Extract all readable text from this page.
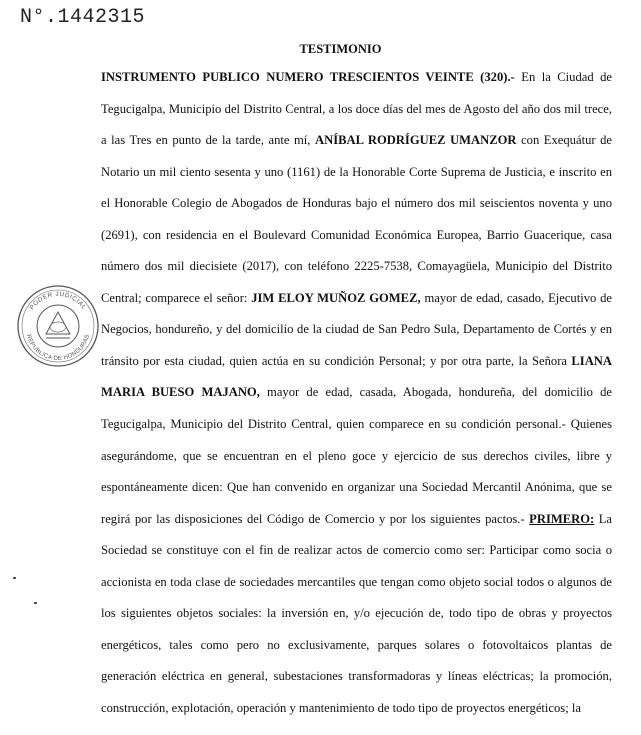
N°.1442315
TESTIMONIO
PODER JUDICIAL
REPUBLICA DE HONDURAS

INSTRUMENTO PUBLICO NUMERO TRESCIENTOS VEINTE (320).- En la Ciudad de Tegucigalpa, Municipio del Distrito Central, a los doce días del mes de Agosto del año dos mil trece, a las Tres en punto de la tarde, ante mí, ANÍBAL RODRÍGUEZ UMANZOR con Exequátur de Notario un mil ciento sesenta y uno (1161) de la Honorable Corte Suprema de Justicia, e inscrito en el Honorable Colegio de Abogados de Honduras bajo el número dos mil seiscientos noventa y uno (2691), con residencia en el Boulevard Comunidad Económica Europea, Barrio Guacerique, casa número dos mil diecisiete (2017), con teléfono 2225-7538, Comayagüela, Municipio del Distrito Central; comparece el señor: JIM ELOY MUÑOZ GOMEZ, mayor de edad, casado, Ejecutivo de Negocios, hondureño, y del domicilio de la ciudad de San Pedro Sula, Departamento de Cortés y en tránsito por esta ciudad, quien actúa en su condición Personal; y por otra parte, la Señora LIANA MARIA BUESO MAJANO, mayor de edad, casada, Abogada, hondureña, del domicilio de Tegucigalpa, Municipio del Distrito Central, quien comparece en su condición personal.- Quienes asegurándome, que se encuentran en el pleno goce y ejercicio de sus derechos civiles, libre y espontáneamente dicen: Que han convenido en organizar una Sociedad Mercantil Anónima, que se regirá por las disposiciones del Código de Comercio y por los siguientes pactos.- PRIMERO: La Sociedad se constituye con el fin de realizar actos de comercio como ser: Participar como socia o accionista en toda clase de sociedades mercantiles que tengan como objeto social todos o algunos de los siguientes objetos sociales: la inversión en, y/o ejecución de, todo tipo de obras y proyectos energéticos, tales como pero no exclusivamente, parques solares o fotovoltaicos plantas de generación eléctrica en general, subestaciones transformadoras y líneas eléctricas; la promoción, construcción, explotación, operación y mantenimiento de todo tipo de proyectos energéticos; la
